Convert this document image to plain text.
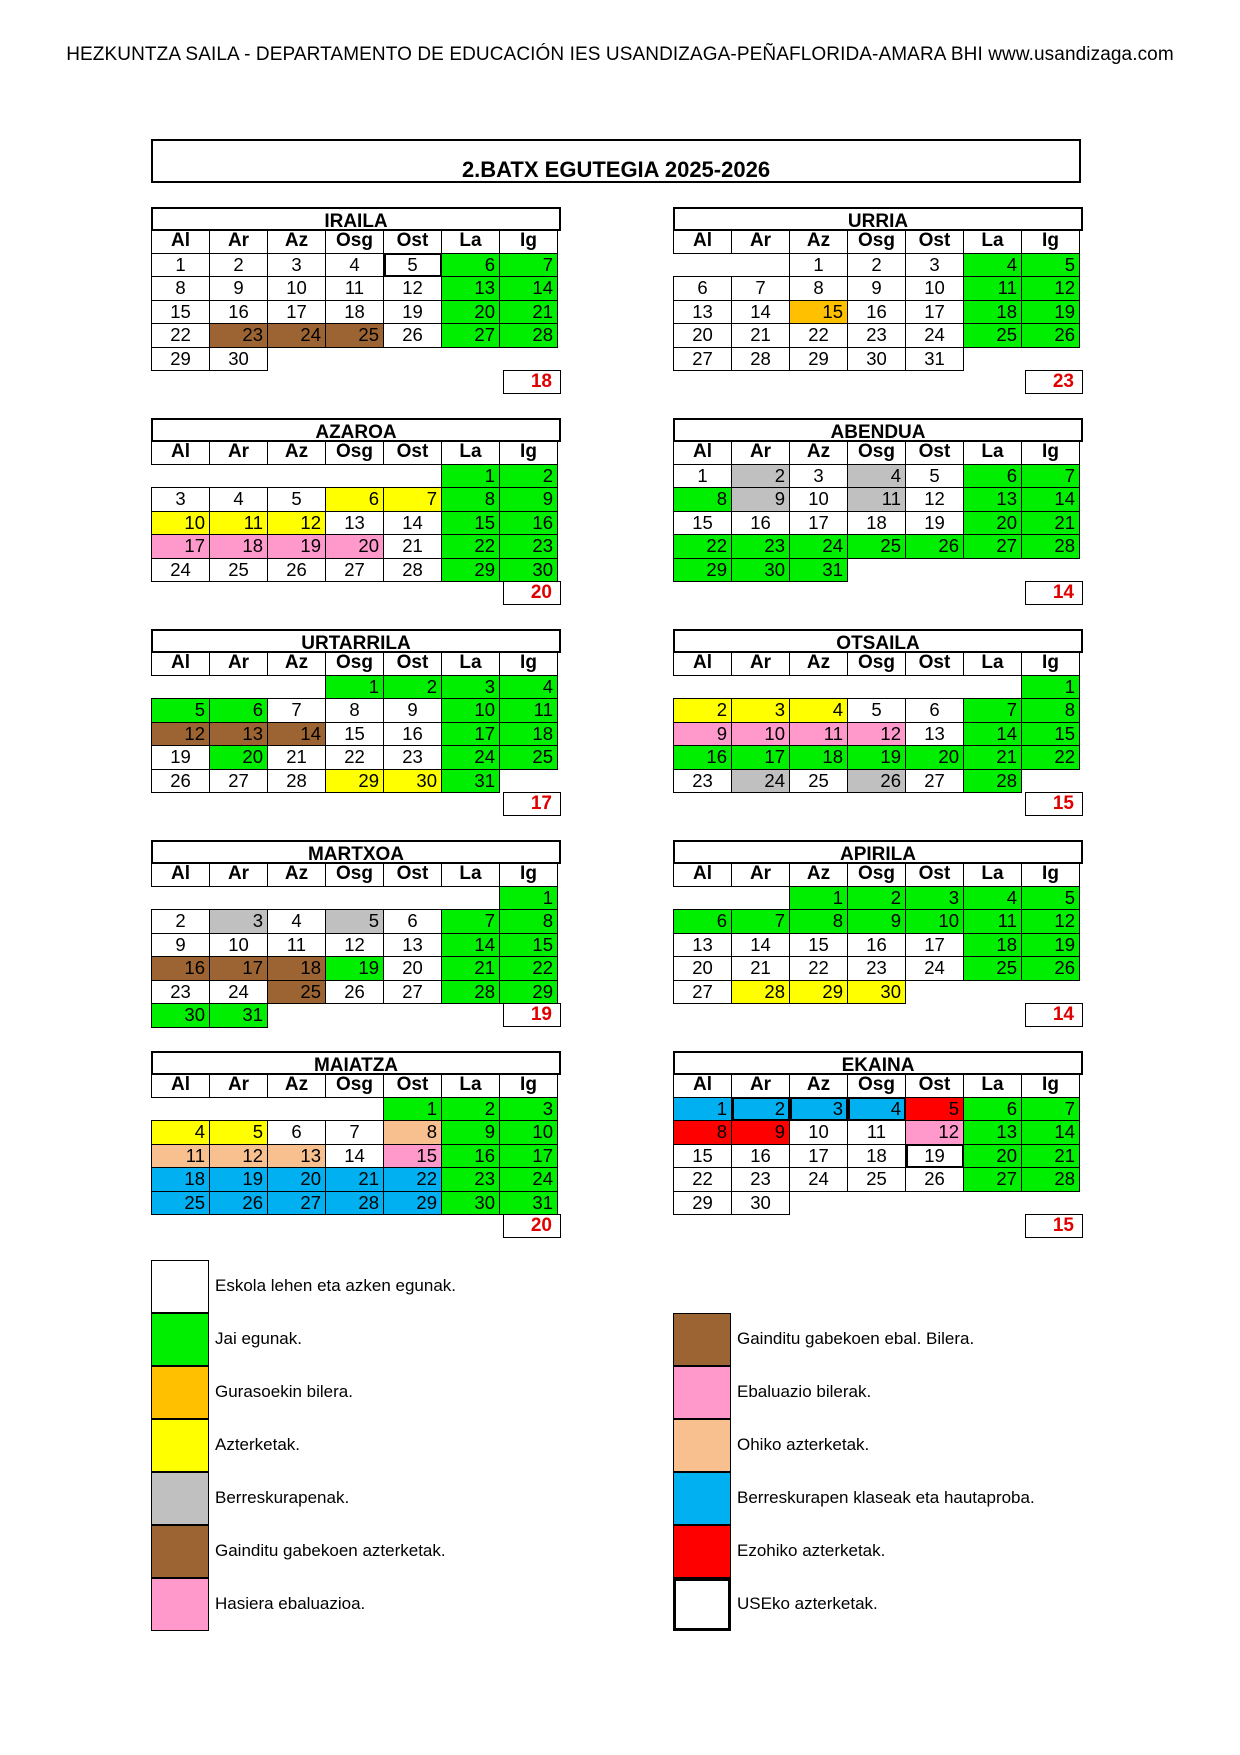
HEZKUNTZA SAILA - DEPARTAMENTO DE EDUCACIÓN IES USANDIZAGA-PEÑAFLORIDA-AMARA BHI www.usandizaga.com
2.BATX EGUTEGIA 2025-2026
IRAILA
Al	Ar	Az	Osg	Ost	La	Ig
1	2	3	4	5	6	7
8	9	10	11	12	13	14
15	16	17	18	19	20	21
22	23	24	25	26	27	28
29	30					
18
URRIA
Al	Ar	Az	Osg	Ost	La	Ig
		1	2	3	4	5
6	7	8	9	10	11	12
13	14	15	16	17	18	19
20	21	22	23	24	25	26
27	28	29	30	31		
23
AZAROA
Al	Ar	Az	Osg	Ost	La	Ig
					1	2
3	4	5	6	7	8	9
10	11	12	13	14	15	16
17	18	19	20	21	22	23
24	25	26	27	28	29	30
20
ABENDUA
Al	Ar	Az	Osg	Ost	La	Ig
1	2	3	4	5	6	7
8	9	10	11	12	13	14
15	16	17	18	19	20	21
22	23	24	25	26	27	28
29	30	31				
14
URTARRILA
Al	Ar	Az	Osg	Ost	La	Ig
			1	2	3	4
5	6	7	8	9	10	11
12	13	14	15	16	17	18
19	20	21	22	23	24	25
26	27	28	29	30	31	
17
OTSAILA
Al	Ar	Az	Osg	Ost	La	Ig
						1
2	3	4	5	6	7	8
9	10	11	12	13	14	15
16	17	18	19	20	21	22
23	24	25	26	27	28	
15
MARTXOA
Al	Ar	Az	Osg	Ost	La	Ig
						1
2	3	4	5	6	7	8
9	10	11	12	13	14	15
16	17	18	19	20	21	22
23	24	25	26	27	28	29
30	31						19
APIRILA
Al	Ar	Az	Osg	Ost	La	Ig
		1	2	3	4	5
6	7	8	9	10	11	12
13	14	15	16	17	18	19
20	21	22	23	24	25	26
27	28	29	30			
14
MAIATZA
Al	Ar	Az	Osg	Ost	La	Ig
				1	2	3
4	5	6	7	8	9	10
11	12	13	14	15	16	17
18	19	20	21	22	23	24
25	26	27	28	29	30	31
20
EKAINA
Al	Ar	Az	Osg	Ost	La	Ig
1	2	3	4	5	6	7
8	9	10	11	12	13	14
15	16	17	18	19	20	21
22	23	24	25	26	27	28
29	30					
15
Eskola lehen eta azken egunak.
Jai egunak.
Gurasoekin bilera.
Azterketak.
Berreskurapenak.
Gainditu gabekoen azterketak.
Hasiera ebaluazioa.
Gainditu gabekoen ebal. Bilera.
Ebaluazio bilerak.
Ohiko azterketak.
Berreskurapen klaseak eta hautaproba.
Ezohiko azterketak.
USEko azterketak.
